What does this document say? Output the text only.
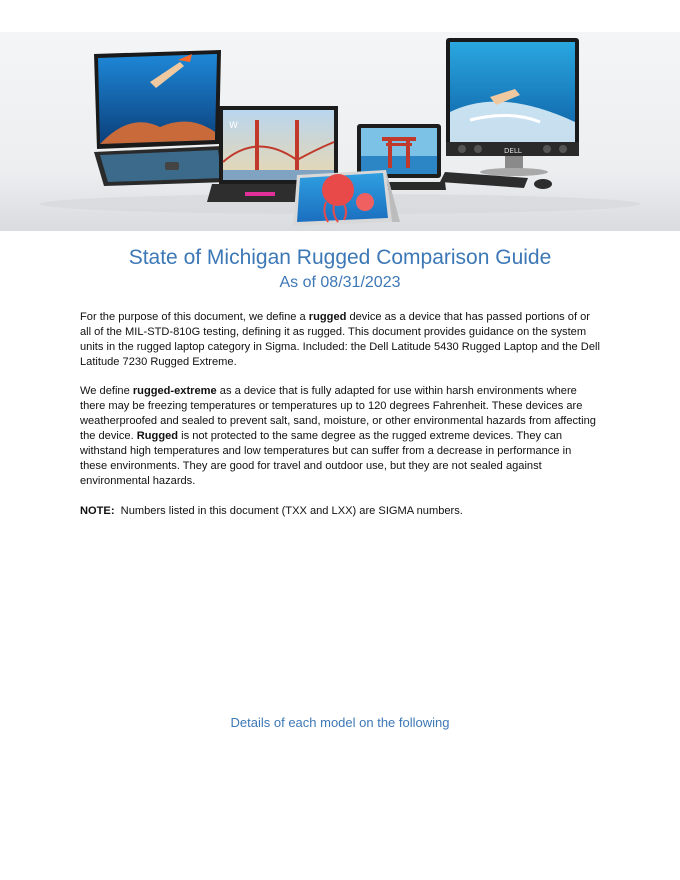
W
DELL
State of Michigan Rugged Comparison Guide
As of 08/31/2023

For the purpose of this document, we define a rugged device as a device that has passed portions of or all of the MIL-STD-810G testing, defining it as rugged. This document provides guidance on the system units in the rugged laptop category in Sigma. Included: the Dell Latitude 5430 Rugged Laptop and the Dell Latitude 7230 Rugged Extreme.

We define rugged-extreme as a device that is fully adapted for use within harsh environments where there may be freezing temperatures or temperatures up to 120 degrees Fahrenheit. These devices are weatherproofed and sealed to prevent salt, sand, moisture, or other environmental hazards from affecting the device. Rugged is not protected to the same degree as the rugged extreme devices. They can withstand high temperatures and low temperatures but can suffer from a decrease in performance in these environments. They are good for travel and outdoor use, but they are not sealed against environmental hazards.

NOTE:  Numbers listed in this document (TXX and LXX) are SIGMA numbers.

Details of each model on the following
